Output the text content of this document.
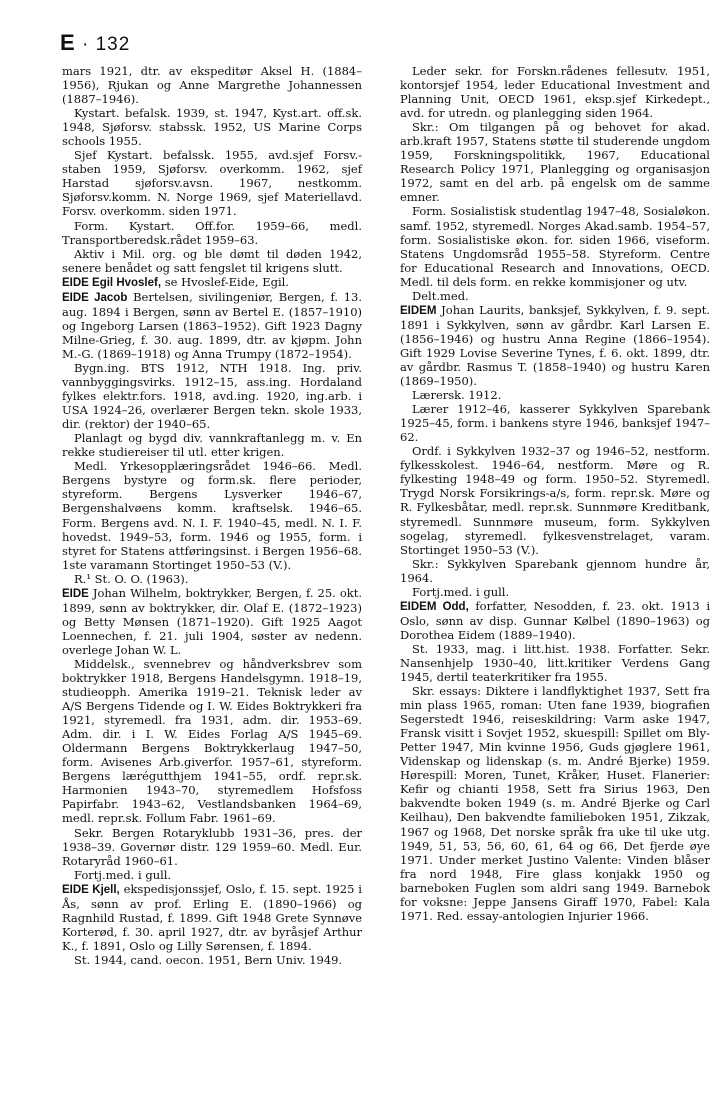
E · 132

mars 1921, dtr. av ekspeditør Aksel H. (1884–1956), Rjukan og Anne Margrethe Johannessen (1887–1946).

Kystart. befalsk. 1939, st. 1947, Kyst.art. off.sk. 1948, Sjøforsv. stabssk. 1952, US Marine Corps schools 1955.

Sjef Kystart. befalssk. 1955, avd.sjef Forsv.-staben 1959, Sjøforsv. overkomm. 1962, sjef Harstad sjøforsv.avsn. 1967, nestkomm. Sjøforsv.komm. N. Norge 1969, sjef Materiellavd. Forsv. overkomm. siden 1971.

Form. Kystart. Off.for. 1959–66, medl. Transportberedsk.rådet 1959–63.

Aktiv i Mil. org. og ble dømt til døden 1942, senere benådet og satt fengslet til krigens slutt.

EIDE Egil Hvoslef, se Hvoslef-Eide, Egil.

EIDE Jacob Bertelsen, sivilingeniør, Bergen, f. 13. aug. 1894 i Bergen, sønn av Bertel E. (1857–1910) og Ingeborg Larsen (1863–1952). Gift 1923 Dagny Milne-Grieg, f. 30. aug. 1899, dtr. av kjøpm. John M.-G. (1869–1918) og Anna Trumpy (1872–1954).

Bygn.ing. BTS 1912, NTH 1918. Ing. priv. vannbyggingsvirks. 1912–15, ass.ing. Hordaland fylkes elektr.fors. 1918, avd.ing. 1920, ing.arb. i USA 1924–26, overlærer Bergen tekn. skole 1933, dir. (rektor) der 1940–65.

Planlagt og bygd div. vannkraftanlegg m. v. En rekke studiereiser til utl. etter krigen.

Medl. Yrkesopplæringsrådet 1946–66. Medl. Bergens bystyre og form.sk. flere perioder, styreform. Bergens Lysverker 1946–67, Bergenshalvøens komm. kraftselsk. 1946–65. Form. Bergens avd. N. I. F. 1940–45, medl. N. I. F. hovedst. 1949–53, form. 1946 og 1955, form. i styret for Statens attføringsinst. i Bergen 1956–68. 1ste varamann Stortinget 1950–53 (V.).

R.¹ St. O. O. (1963).

EIDE Johan Wilhelm, boktrykker, Bergen, f. 25. okt. 1899, sønn av boktrykker, dir. Olaf E. (1872–1923) og Betty Mønsen (1871–1920). Gift 1925 Aagot Loennechen, f. 21. juli 1904, søster av nedenn. overlege Johan W. L.

Middelsk., svennebrev og håndverksbrev som boktrykker 1918, Bergens Handelsgymn. 1918–19, studieopph. Amerika 1919–21. Teknisk leder av A/S Bergens Tidende og I. W. Eides Boktrykkeri fra 1921, styremedl. fra 1931, adm. dir. 1953–69. Adm. dir. i I. W. Eides Forlag A/S 1945–69. Oldermann Bergens Boktrykkerlaug 1947–50, form. Avisenes Arb.giverfor. 1957–61, styreform. Bergens lærégutthjem 1941–55, ordf. repr.sk. Harmonien 1943–70, styremedlem Hofsfoss Papirfabr. 1943–62, Vestlandsbanken 1964–69, medl. repr.sk. Follum Fabr. 1961–69.

Sekr. Bergen Rotaryklubb 1931–36, pres. der 1938–39. Governør distr. 129 1959–60. Medl. Eur. Rotaryråd 1960–61.

Fortj.med. i gull.

EIDE Kjell, ekspedisjonssjef, Oslo, f. 15. sept. 1925 i Ås, sønn av prof. Erling E. (1890–1966) og Ragnhild Rustad, f. 1899. Gift 1948 Grete Synnøve Korterød, f. 30. april 1927, dtr. av byråsjef Arthur K., f. 1891, Oslo og Lilly Sørensen, f. 1894.

St. 1944, cand. oecon. 1951, Bern Univ. 1949.

Leder sekr. for Forskn.rådenes fellesutv. 1951, kontorsjef 1954, leder Educational Investment and Planning Unit, OECD 1961, eksp.sjef Kirkedept., avd. for utredn. og planlegging siden 1964.

Skr.: Om tilgangen på og behovet for akad. arb.kraft 1957, Statens støtte til studerende ungdom 1959, Forskningspolitikk, 1967, Educational Research Policy 1971, Planlegging og organisasjon 1972, samt en del arb. på engelsk om de samme emner.

Form. Sosialistisk studentlag 1947–48, Sosialøkon. samf. 1952, styremedl. Norges Akad.samb. 1954–57, form. Sosialistiske økon. for. siden 1966, viseform. Statens Ungdomsråd 1955–58. Styreform. Centre for Educational Research and Innovations, OECD. Medl. til dels form. en rekke kommisjoner og utv.

Delt.med.

EIDEM Johan Laurits, banksjef, Sykkylven, f. 9. sept. 1891 i Sykkylven, sønn av gårdbr. Karl Larsen E. (1856–1946) og hustru Anna Regine (1866–1954). Gift 1929 Lovise Severine Tynes, f. 6. okt. 1899, dtr. av gårdbr. Rasmus T. (1858–1940) og hustru Karen (1869–1950).

Lærersk. 1912.

Lærer 1912–46, kasserer Sykkylven Sparebank 1925–45, form. i bankens styre 1946, banksjef 1947–62.

Ordf. i Sykkylven 1932–37 og 1946–52, nestform. fylkesskolest. 1946–64, nestform. Møre og R. fylkesting 1948–49 og form. 1950–52. Styremedl. Trygd Norsk Forsikrings-a/s, form. repr.sk. Møre og R. Fylkesbåtar, medl. repr.sk. Sunnmøre Kreditbank, styremedl. Sunnmøre museum, form. Sykkylven sogelag, styremedl. fylkesvenstrelaget, varam. Stortinget 1950–53 (V.).

Skr.: Sykkylven Sparebank gjennom hundre år, 1964.

Fortj.med. i gull.

EIDEM Odd, forfatter, Nesodden, f. 23. okt. 1913 i Oslo, sønn av disp. Gunnar Kølbel (1890–1963) og Dorothea Eidem (1889–1940).

St. 1933, mag. i litt.hist. 1938. Forfatter. Sekr. Nansenhjelp 1930–40, litt.kritiker Verdens Gang 1945, dertil teaterkritiker fra 1955.

Skr. essays: Diktere i landflyktighet 1937, Sett fra min plass 1965, roman: Uten fane 1939, biografien Segerstedt 1946, reiseskildring: Varm aske 1947, Fransk visitt i Sovjet 1952, skuespill: Spillet om Bly-Petter 1947, Min kvinne 1956, Guds gjøglere 1961, Videnskap og lidenskap (s. m. André Bjerke) 1959. Hørespill: Moren, Tunet, Kråker, Huset. Flanerier: Kefir og chianti 1958, Sett fra Sirius 1963, Den bakvendte boken 1949 (s. m. André Bjerke og Carl Keilhau), Den bakvendte familieboken 1951, Zikzak, 1967 og 1968, Det norske språk fra uke til uke utg. 1949, 51, 53, 56, 60, 61, 64 og 66, Det fjerde øye 1971. Under merket Justino Valente: Vinden blåser fra nord 1948, Fire glass konjakk 1950 og barneboken Fuglen som aldri sang 1949. Barnebok for voksne: Jeppe Jansens Giraff 1970, Fabel: Kala 1971. Red. essay-antologien Injurier 1966.
